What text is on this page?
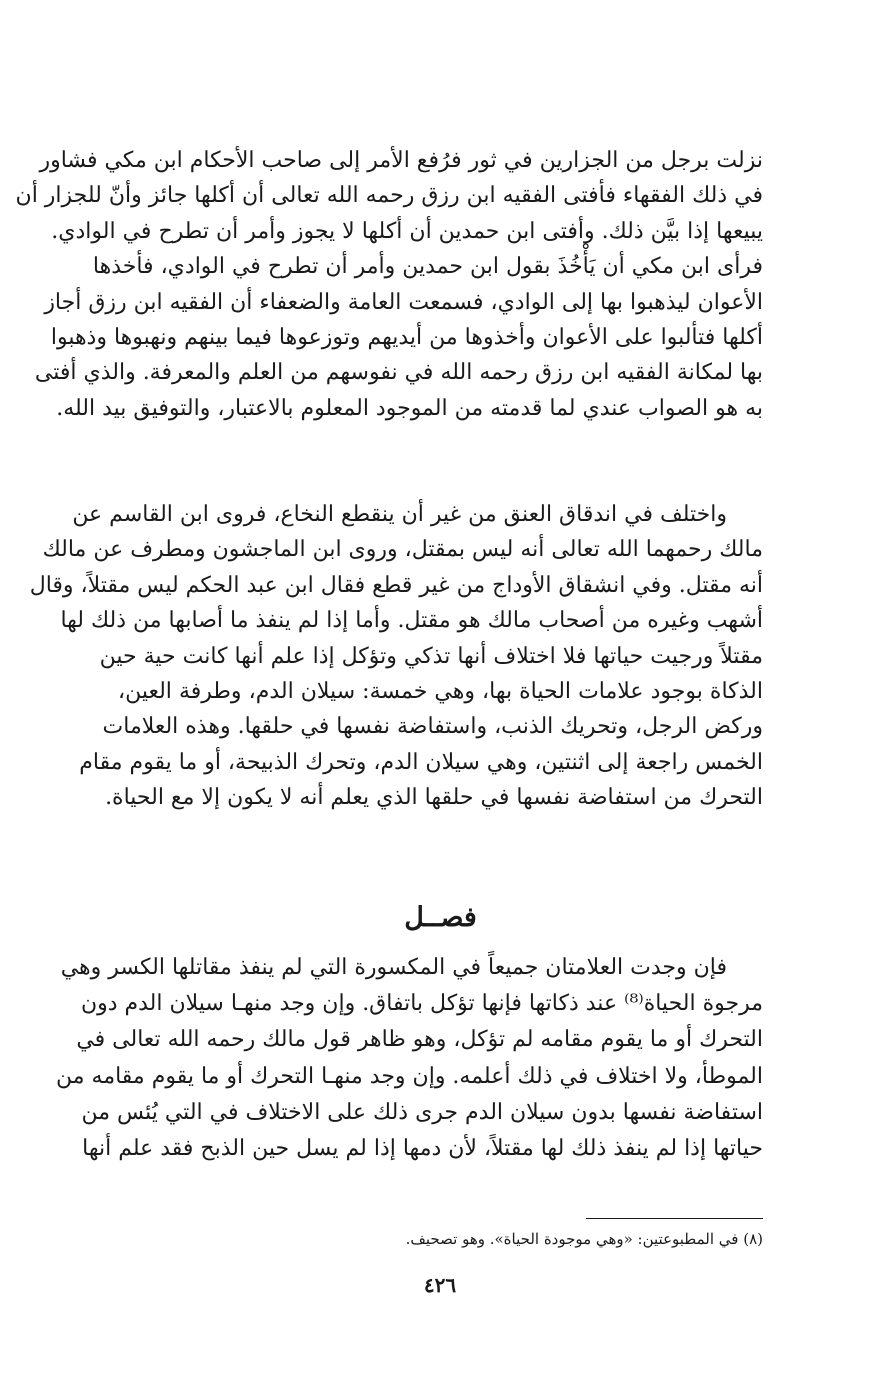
نزلت برجل من الجزارين في ثور فرُفع الأمر إلى صاحب الأحكام ابن مكي فشاور
في ذلك الفقهاء فأفتى الفقيه ابن رزق رحمه الله تعالى أن أكلها جائز وأنّ للجزار أن
يبيعها إذا بيَّن ذلك. وأفتى ابن حمدين أن أكلها لا يجوز وأمر أن تطرح في الوادي.
فرأى ابن مكي أن يَأْخُذَ بقول ابن حمدين وأمر أن تطرح في الوادي، فأخذها
الأعوان ليذهبوا بها إلى الوادي، فسمعت العامة والضعفاء أن الفقيه ابن رزق أجاز
أكلها فتألبوا على الأعوان وأخذوها من أيديهم وتوزعوها فيما بينهم ونهبوها وذهبوا
بها لمكانة الفقيه ابن رزق رحمه الله في نفوسهم من العلم والمعرفة. والذي أفتى
به هو الصواب عندي لما قدمته من الموجود المعلوم بالاعتبار، والتوفيق بيد الله.
واختلف في اندقاق العنق من غير أن ينقطع النخاع، فروى ابن القاسم عن
مالك رحمهما الله تعالى أنه ليس بمقتل، وروى ابن الماجشون ومطرف عن مالك
أنه مقتل. وفي انشقاق الأوداج من غير قطع فقال ابن عبد الحكم ليس مقتلاً، وقال
أشهب وغيره من أصحاب مالك هو مقتل. وأما إذا لم ينفذ ما أصابها من ذلك لها
مقتلاً ورجيت حياتها فلا اختلاف أنها تذكي وتؤكل إذا علم أنها كانت حية حين
الذكاة بوجود علامات الحياة بها، وهي خمسة: سيلان الدم، وطرفة العين،
وركض الرجل، وتحريك الذنب، واستفاضة نفسها في حلقها. وهذه العلامات
الخمس راجعة إلى اثنتين، وهي سيلان الدم، وتحرك الذبيحة، أو ما يقوم مقام
التحرك من استفاضة نفسها في حلقها الذي يعلم أنه لا يكون إلا مع الحياة.
فصــل
فإن وجدت العلامتان جميعاً في المكسورة التي لم ينفذ مقاتلها الكسر وهي
مرجوة الحياة⁽⁸⁾ عند ذكاتها فإنها تؤكل باتفاق. وإن وجد منهـا سيلان الدم دون
التحرك أو ما يقوم مقامه لم تؤكل، وهو ظاهر قول مالك رحمه الله تعالى في
الموطأ، ولا اختلاف في ذلك أعلمه. وإن وجد منهـا التحرك أو ما يقوم مقامه من
استفاضة نفسها بدون سيلان الدم جرى ذلك على الاختلاف في التي يُئس من
حياتها إذا لم ينفذ ذلك لها مقتلاً، لأن دمها إذا لم يسل حين الذبح فقد علم أنها
(٨) في المطبوعتين: «وهي موجودة الحياة». وهو تصحيف.
٤٢٦
